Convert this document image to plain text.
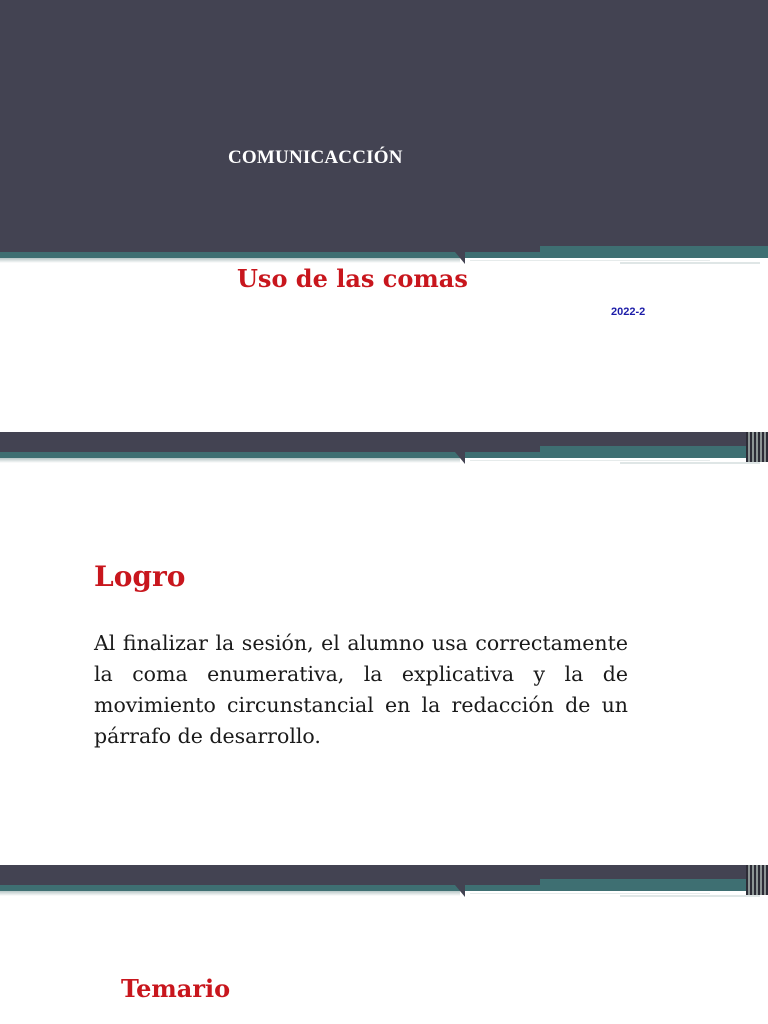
COMUNICACCIÓN
Uso de las comas
2022-2
Logro
Al finalizar la sesión, el alumno usa correctamente la coma enumerativa, la explicativa y la de movimiento circunstancial en la redacción de un párrafo de desarrollo.
Temario
